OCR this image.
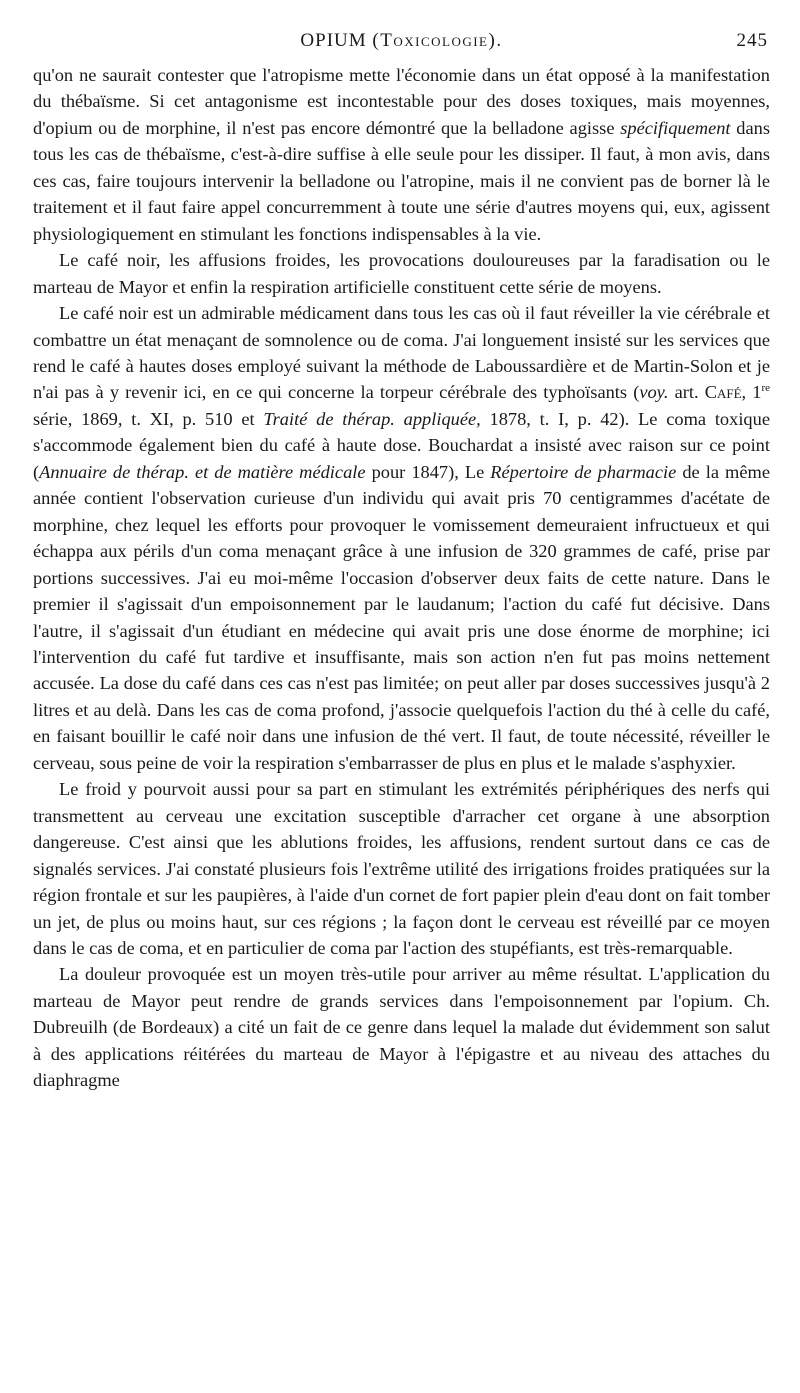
OPIUM (Toxicologie).	245

qu'on ne saurait contester que l'atropisme mette l'économie dans un état opposé à la manifestation du thébaïsme. Si cet antagonisme est incontestable pour des doses toxiques, mais moyennes, d'opium ou de morphine, il n'est pas encore démontré que la belladone agisse spécifiquement dans tous les cas de thébaïsme, c'est-à-dire suffise à elle seule pour les dissiper. Il faut, à mon avis, dans ces cas, faire toujours intervenir la belladone ou l'atropine, mais il ne convient pas de borner là le traitement et il faut faire appel concurremment à toute une série d'autres moyens qui, eux, agissent physiologiquement en stimulant les fonctions indispensables à la vie.

Le café noir, les affusions froides, les provocations douloureuses par la faradisation ou le marteau de Mayor et enfin la respiration artificielle constituent cette série de moyens.

Le café noir est un admirable médicament dans tous les cas où il faut réveiller la vie cérébrale et combattre un état menaçant de somnolence ou de coma. J'ai longuement insisté sur les services que rend le café à hautes doses employé suivant la méthode de Laboussardière et de Martin-Solon et je n'ai pas à y revenir ici, en ce qui concerne la torpeur cérébrale des typhoïsants (voy. art. Café, 1re série, 1869, t. XI, p. 510 et Traité de thérap. appliquée, 1878, t. I, p. 42). Le coma toxique s'accommode également bien du café à haute dose. Bouchardat a insisté avec raison sur ce point (Annuaire de thérap. et de matière médicale pour 1847), Le Répertoire de pharmacie de la même année contient l'observation curieuse d'un individu qui avait pris 70 centigrammes d'acétate de morphine, chez lequel les efforts pour provoquer le vomissement demeuraient infructueux et qui échappa aux périls d'un coma menaçant grâce à une infusion de 320 grammes de café, prise par portions successives. J'ai eu moi-même l'occasion d'observer deux faits de cette nature. Dans le premier il s'agissait d'un empoisonnement par le laudanum; l'action du café fut décisive. Dans l'autre, il s'agissait d'un étudiant en médecine qui avait pris une dose énorme de morphine; ici l'intervention du café fut tardive et insuffisante, mais son action n'en fut pas moins nettement accusée. La dose du café dans ces cas n'est pas limitée; on peut aller par doses successives jusqu'à 2 litres et au delà. Dans les cas de coma profond, j'associe quelquefois l'action du thé à celle du café, en faisant bouillir le café noir dans une infusion de thé vert. Il faut, de toute nécessité, réveiller le cerveau, sous peine de voir la respiration s'embarrasser de plus en plus et le malade s'asphyxier.

Le froid y pourvoit aussi pour sa part en stimulant les extrémités périphériques des nerfs qui transmettent au cerveau une excitation susceptible d'arracher cet organe à une absorption dangereuse. C'est ainsi que les ablutions froides, les affusions, rendent surtout dans ce cas de signalés services. J'ai constaté plusieurs fois l'extrême utilité des irrigations froides pratiquées sur la région frontale et sur les paupières, à l'aide d'un cornet de fort papier plein d'eau dont on fait tomber un jet, de plus ou moins haut, sur ces régions ; la façon dont le cerveau est réveillé par ce moyen dans le cas de coma, et en particulier de coma par l'action des stupéfiants, est très-remarquable.

La douleur provoquée est un moyen très-utile pour arriver au même résultat. L'application du marteau de Mayor peut rendre de grands services dans l'empoisonnement par l'opium. Ch. Dubreuilh (de Bordeaux) a cité un fait de ce genre dans lequel la malade dut évidemment son salut à des applications réitérées du marteau de Mayor à l'épigastre et au niveau des attaches du diaphragme
